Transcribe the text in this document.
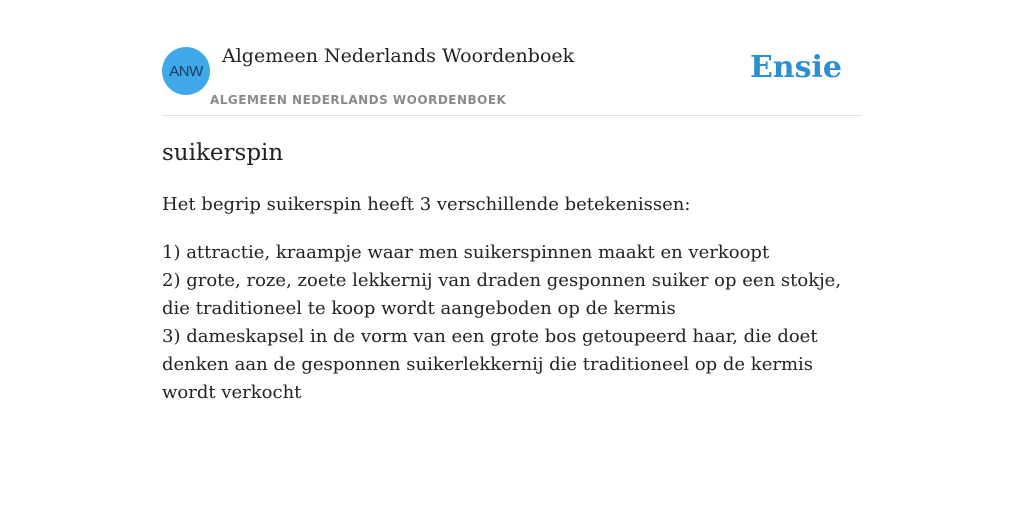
ANW
Algemeen Nederlands Woordenboek
ALGEMEEN NEDERLANDS WOORDENBOEK
Ensie
suikerspin

Het begrip suikerspin heeft 3 verschillende betekenissen:

1) attractie, kraampje waar men suikerspinnen maakt en verkoopt
2) grote, roze, zoete lekkernij van draden gesponnen suiker op een stokje, die traditioneel te koop wordt aangeboden op de kermis
3) dameskapsel in de vorm van een grote bos getoupeerd haar, die doet denken aan de gesponnen suikerlekkernij die traditioneel op de kermis wordt verkocht
